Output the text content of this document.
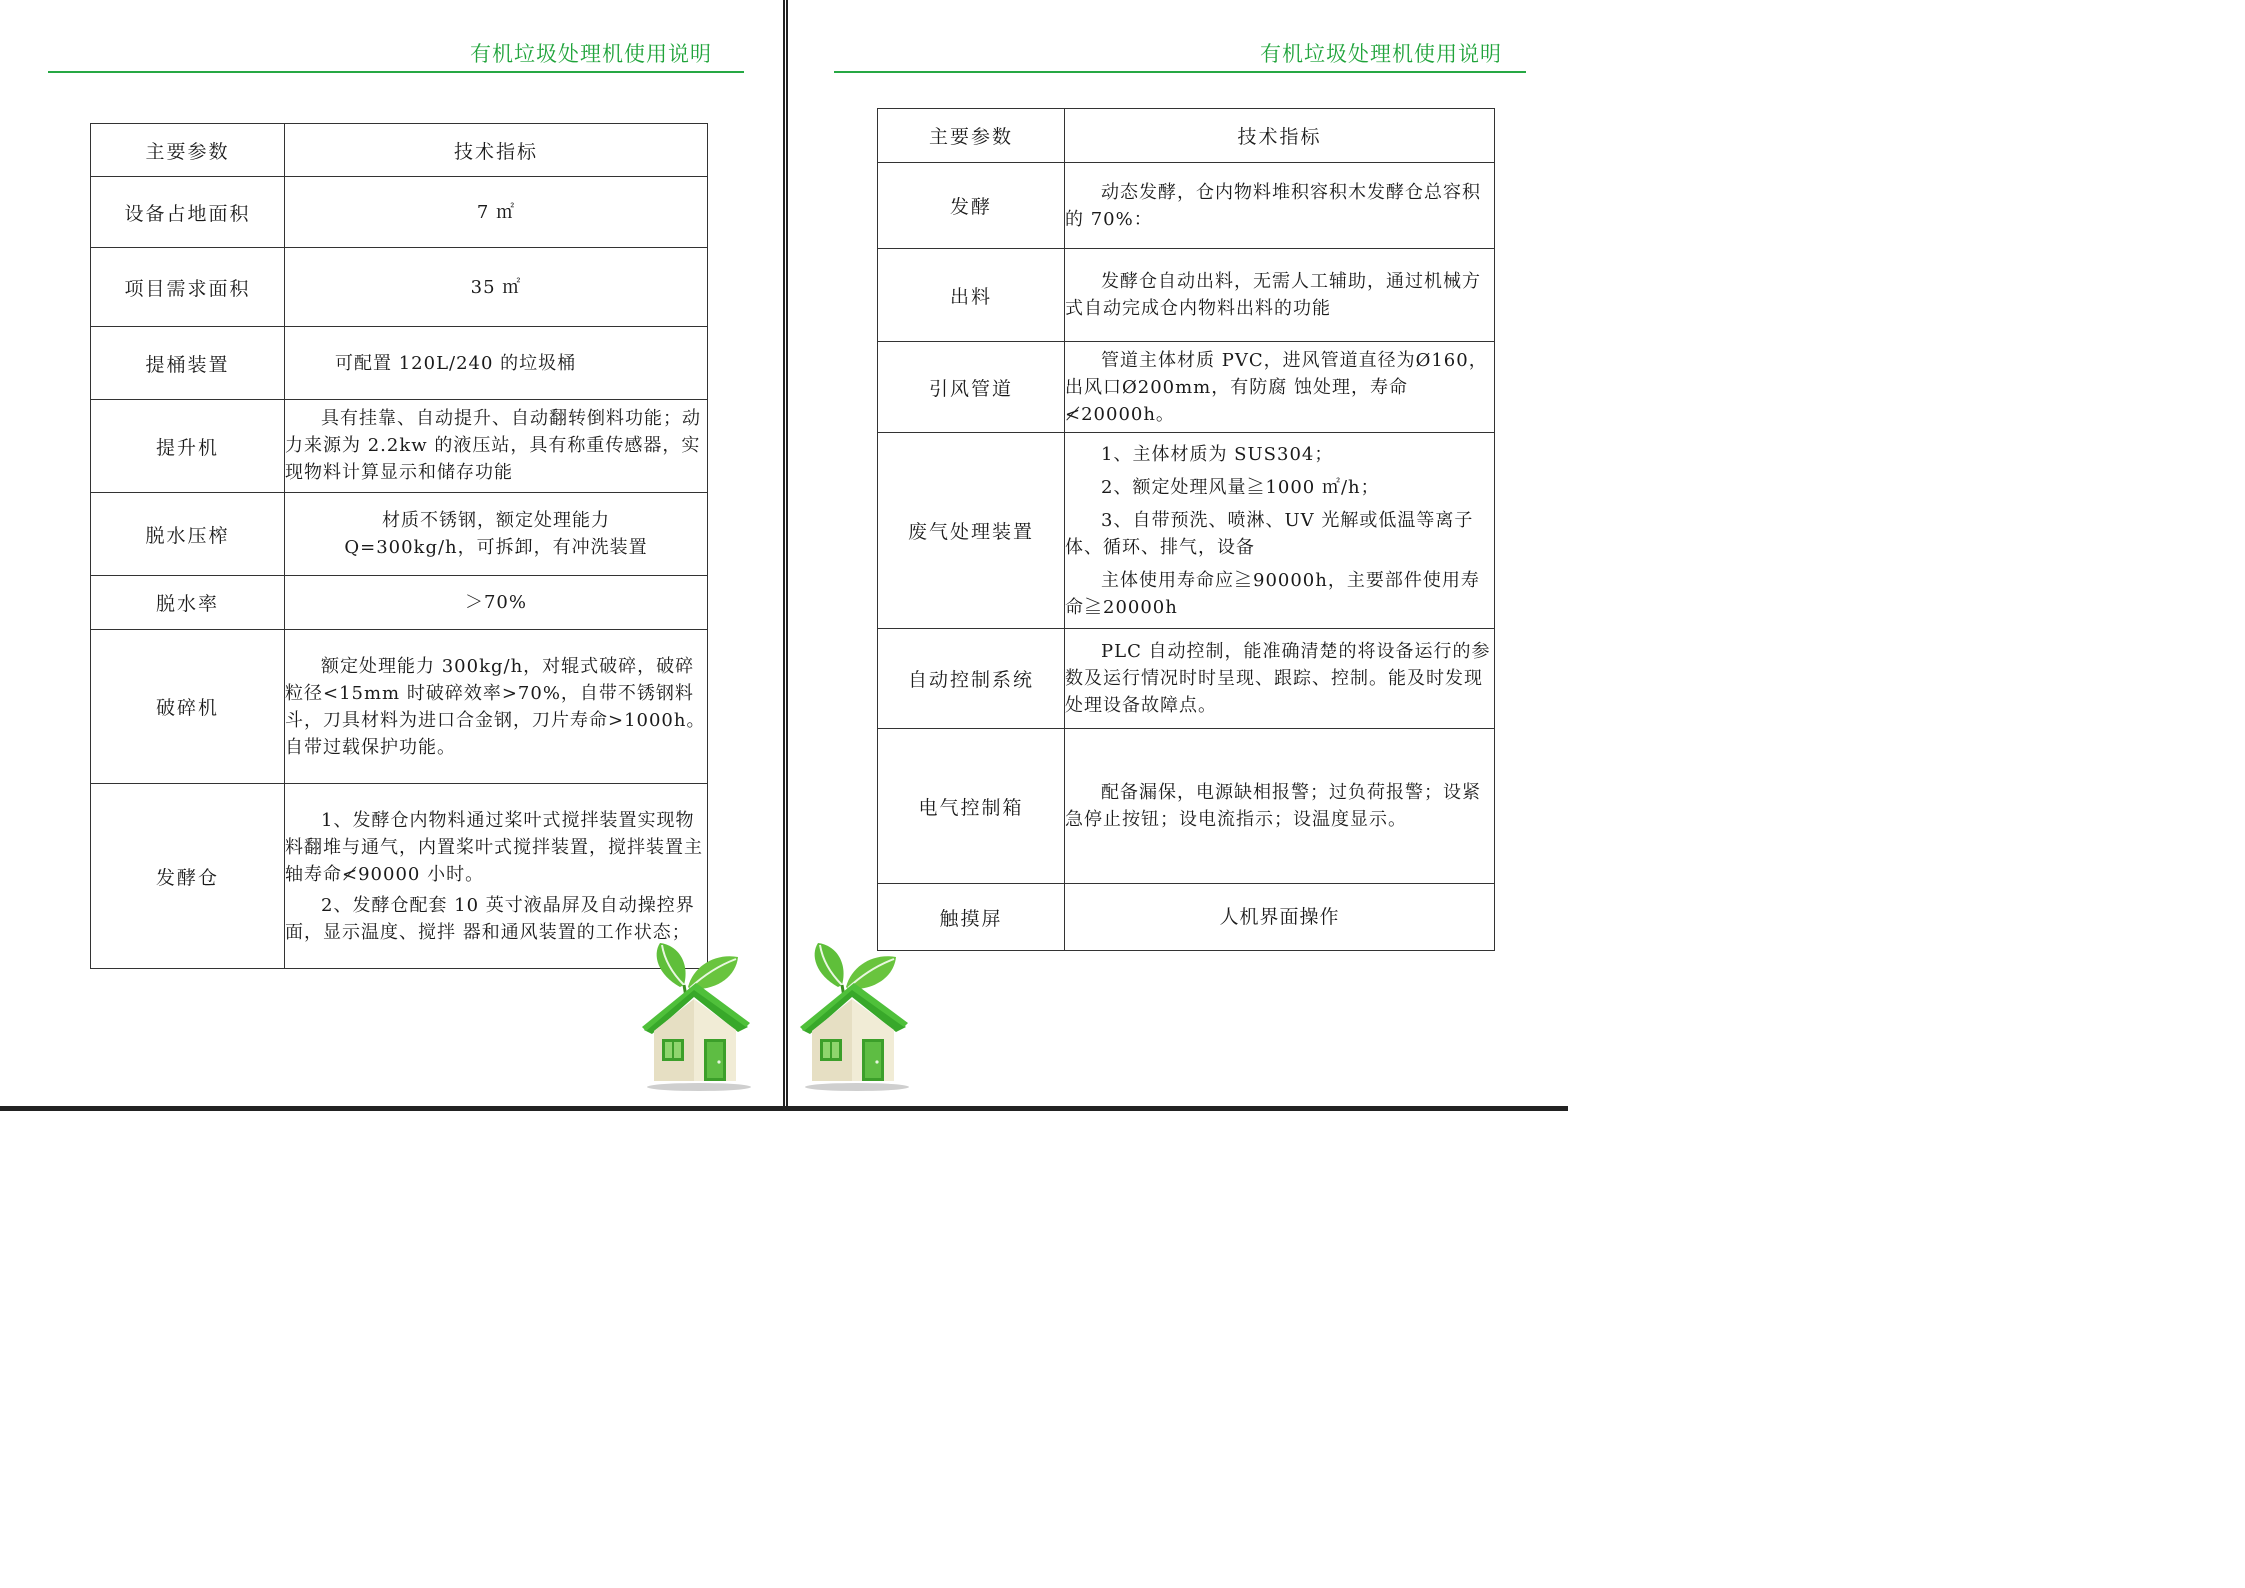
有机垃圾处理机使用说明
主要参数	技术指标
设备占地面积	7 ㎡
项目需求面积	35 ㎡
提桶装置	可配置 120L/240 的垃圾桶
提升机	具有挂靠、自动提升、自动翻转倒料功能；动力来源为 2.2kw 的液压站，具有称重传感器，实现物料计算显示和储存功能

脱水压榨	材质不锈钢，额定处理能力

Q=300kg/h，可拆卸，有冲洗装置

脱水率	＞70%
破碎机	额定处理能力 300kg/h，对辊式破碎，破碎粒径<15mm 时破碎效率>70%，自带不锈钢料斗，刀具材料为进口合金钢，刀片寿命>1000h。自带过载保护功能。
发酵仓	1、发酵仓内物料通过桨叶式搅拌装置实现物料翻堆与通气，内置桨叶式搅拌装置，搅拌装置主轴寿命≮90000 小时。

2、发酵仓配套 10 英寸液晶屏及自动操控界面，显示温度、搅拌 器和通风装置的工作状态；

有机垃圾处理机使用说明
主要参数	技术指标
发酵	动态发酵，仓内物料堆积容积木发酵仓总容积的 70%：
出料	发酵仓自动出料，无需人工辅助，通过机械方式自动完成仓内物料出料的功能
引风管道	管道主体材质 PVC，进风管道直径为Ø160，出风口Ø200mm，有防腐 蚀处理，寿命≮20000h。
废气处理装置	1、主体材质为 SUS304；

2、额定处理风量≧1000 ㎡/h；

3、自带预洗、喷淋、UV 光解或低温等离子体、循环、排气，设备

主体使用寿命应≧90000h，主要部件使用寿命≧20000h

自动控制系统	PLC 自动控制，能准确清楚的将设备运行的参数及运行情况时时呈现、跟踪、控制。能及时发现处理设备故障点。
电气控制箱	配备漏保，电源缺相报警；过负荷报警；设紧急停止按钮；设电流指示；设温度显示。
触摸屏	人机界面操作
